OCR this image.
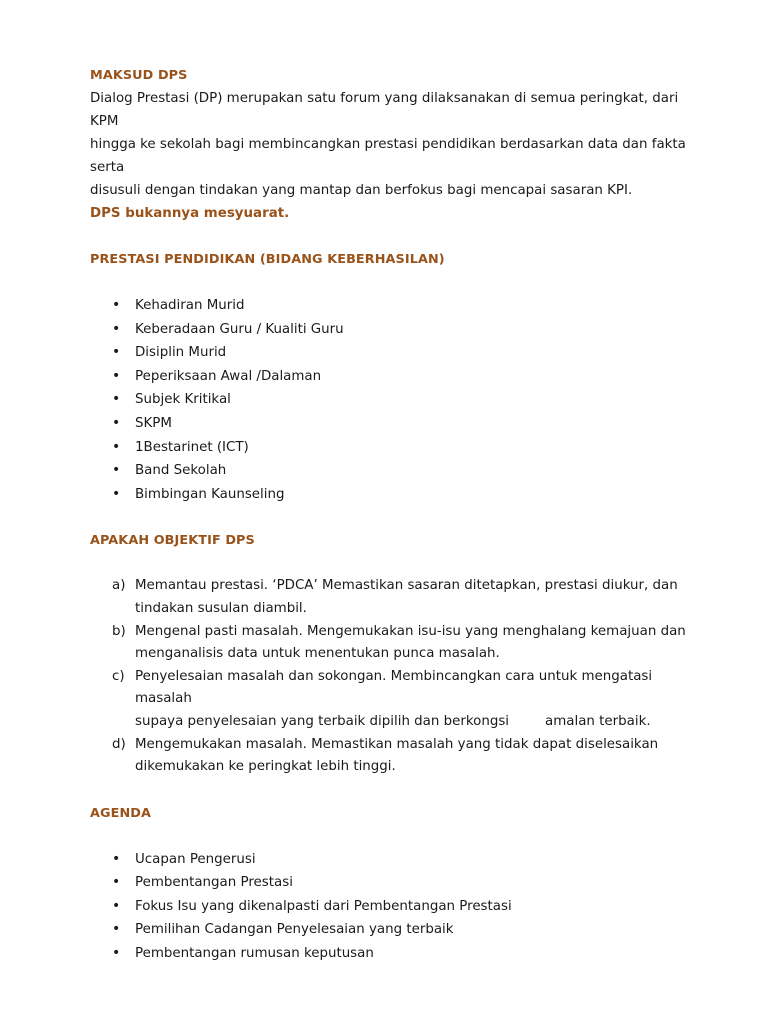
MAKSUD DPS

Dialog Prestasi (DP) merupakan satu forum yang dilaksanakan di semua peringkat, dari KPM
hingga ke sekolah bagi membincangkan prestasi pendidikan berdasarkan data dan fakta serta
disusuli dengan tindakan yang mantap dan berfokus bagi mencapai sasaran KPI.

DPS bukannya mesyuarat.
PRESTASI PENDIDIKAN (BIDANG KEBERHASILAN)
• Kehadiran Murid
• Keberadaan Guru / Kualiti Guru
• Disiplin Murid
• Peperiksaan Awal /Dalaman
• Subjek Kritikal
• SKPM
• 1Bestarinet (ICT)
• Band Sekolah
• Bimbingan Kaunseling
APAKAH OBJEKTIF DPS
a) Memantau prestasi. ‘PDCA’ Memastikan sasaran ditetapkan, prestasi diukur, dan
tindakan susulan diambil.
b) Mengenal pasti masalah. Mengemukakan isu-isu yang menghalang kemajuan dan
menganalisis data untuk menentukan punca masalah.
c) Penyelesaian masalah dan sokongan. Membincangkan cara untuk mengatasi masalah
supaya penyelesaian yang terbaik dipilih dan berkongsi	amalan terbaik.
d) Mengemukakan masalah. Memastikan masalah yang tidak dapat diselesaikan
dikemukakan ke peringkat lebih tinggi.
AGENDA
• Ucapan Pengerusi
• Pembentangan Prestasi
• Fokus Isu yang dikenalpasti dari Pembentangan Prestasi
• Pemilihan Cadangan Penyelesaian yang terbaik
• Pembentangan rumusan keputusan
